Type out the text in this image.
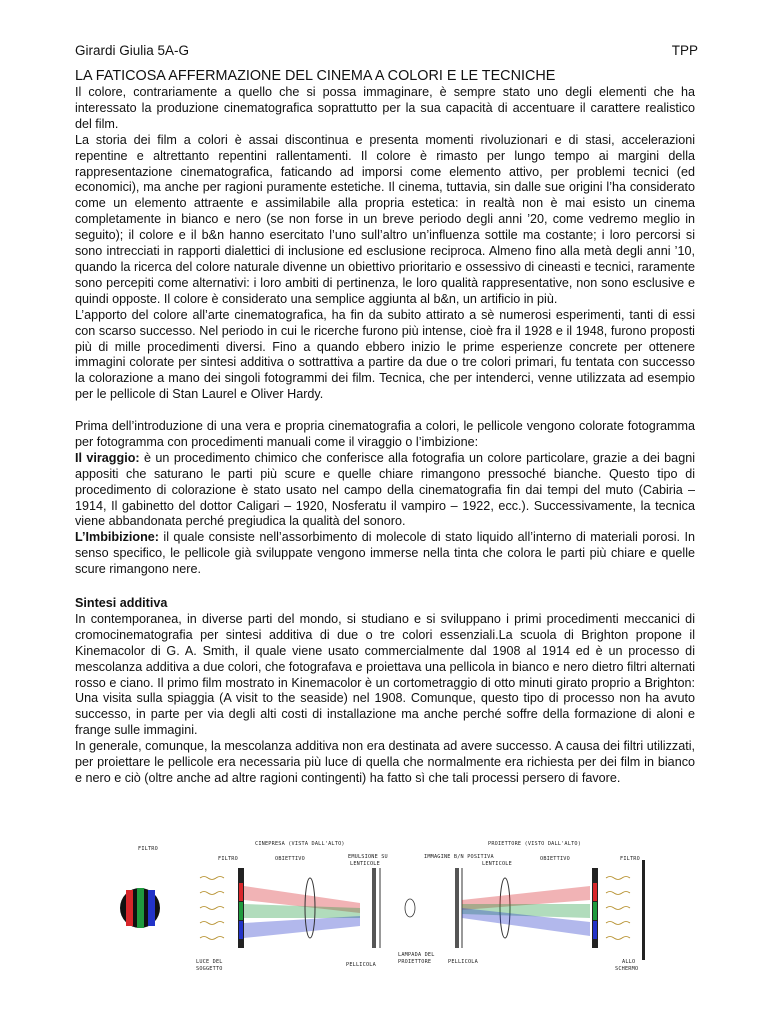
Girardi Giulia 5A-G	TPP

LA FATICOSA AFFERMAZIONE DEL CINEMA A COLORI E LE TECNICHE

Il colore, contrariamente a quello che si possa immaginare, è sempre stato uno degli elementi che ha interessato la produzione cinematografica soprattutto per la sua capacità di accentuare il carattere realistico del film.

La storia dei film a colori è assai discontinua e presenta momenti rivoluzionari e di stasi, accelerazioni repentine e altrettanto repentini rallentamenti. Il colore è rimasto per lungo tempo ai margini della rappresentazione cinematografica, faticando ad imporsi come elemento attivo, per problemi tecnici (ed economici), ma anche per ragioni puramente estetiche. Il cinema, tuttavia, sin dalle sue origini l’ha considerato come un elemento attraente e assimilabile alla propria estetica: in realtà non è mai esisto un cinema completamente in bianco e nero (se non forse in un breve periodo degli anni ’20, come vedremo meglio in seguito); il colore e il b&n hanno esercitato l’uno sull’altro un’influenza sottile ma costante; i loro percorsi si sono intrecciati in rapporti dialettici di inclusione ed esclusione reciproca. Almeno fino alla metà degli anni ’10, quando la ricerca del colore naturale divenne un obiettivo prioritario e ossessivo di cineasti e tecnici, raramente sono percepiti come alternativi: i loro ambiti di pertinenza, le loro qualità rappresentative, non sono esclusive e quindi opposte. Il colore è considerato una semplice aggiunta al b&n, un artificio in più.

L’apporto del colore all’arte cinematografica, ha fin da subito attirato a sè numerosi esperimenti, tanti di essi con scarso successo. Nel periodo in cui le ricerche furono più intense, cioè fra il 1928 e il 1948, furono proposti più di mille procedimenti diversi. Fino a quando ebbero inizio le prime esperienze concrete per ottenere immagini colorate per sintesi additiva o sottrattiva a partire da due o tre colori primari, fu tentata con successo la colorazione a mano dei singoli fotogrammi dei film. Tecnica, che per intenderci, venne utilizzata ad esempio per le pellicole di Stan Laurel e Oliver Hardy.

Prima dell’introduzione di una vera e propria cinematografia a colori, le pellicole vengono colorate fotogramma per fotogramma con procedimenti manuali come il viraggio o l’imbizione:

Il viraggio: è un procedimento chimico che conferisce alla fotografia un colore particolare, grazie a dei bagni appositi che saturano le parti più scure e quelle chiare rimangono pressoché bianche. Questo tipo di procedimento di colorazione è stato usato nel campo della cinematografia fin dai tempi del muto (Cabiria – 1914, Il gabinetto del dottor Caligari – 1920, Nosferatu il vampiro – 1922, ecc.). Successivamente, la tecnica viene abbandonata perché pregiudica la qualità del sonoro.

L’Imbibizione: il quale consiste nell’assorbimento di molecole di stato liquido all’interno di materiali porosi. In senso specifico, le pellicole già sviluppate vengono immerse nella tinta che colora le parti più chiare e quelle scure rimangono nere.

Sintesi additiva

In contemporanea, in diverse parti del mondo, si studiano e si sviluppano i primi procedimenti meccanici di cromocinematografia per sintesi additiva di due o tre colori essenziali.La scuola di Brighton propone il Kinemacolor di G. A. Smith, il quale viene usato commercialmente dal 1908 al 1914 ed è un processo di mescolanza additiva a due colori, che fotografava e proiettava una pellicola in bianco e nero dietro filtri alternati rosso e ciano. Il primo film mostrato in Kinemacolor è un cortometraggio di otto minuti girato proprio a Brighton: Una visita sulla spiaggia (A visit to the seaside) nel 1908. Comunque, questo tipo di processo non ha avuto successo, in parte per via degli alti costi di installazione ma anche perché soffre della formazione di aloni e frange sulle immagini.

In generale, comunque, la mescolanza additiva non era destinata ad avere successo. A causa dei filtri utilizzati, per proiettare le pellicole era necessaria più luce di quella che normalmente era richiesta per dei film in bianco e nero e ciò (oltre anche ad altre ragioni contingenti) ha fatto sì che tali processi persero di favore.

FILTRO
CINEPRESA (VISTA DALL'ALTO)	PROIETTORE (VISTO DALL'ALTO)
FILTRO	OBIETTIVO	EMULSIONE SU
LENTICOLE
LUCE DEL
SOGGETTO
PELLICOLA
IMMAGINE B/N POSITIVA
LENTICOLE
OBIETTIVO	FILTRO
LAMPADA DEL
PROIETTORE	PELLICOLA	ALLO
SCHERMO
